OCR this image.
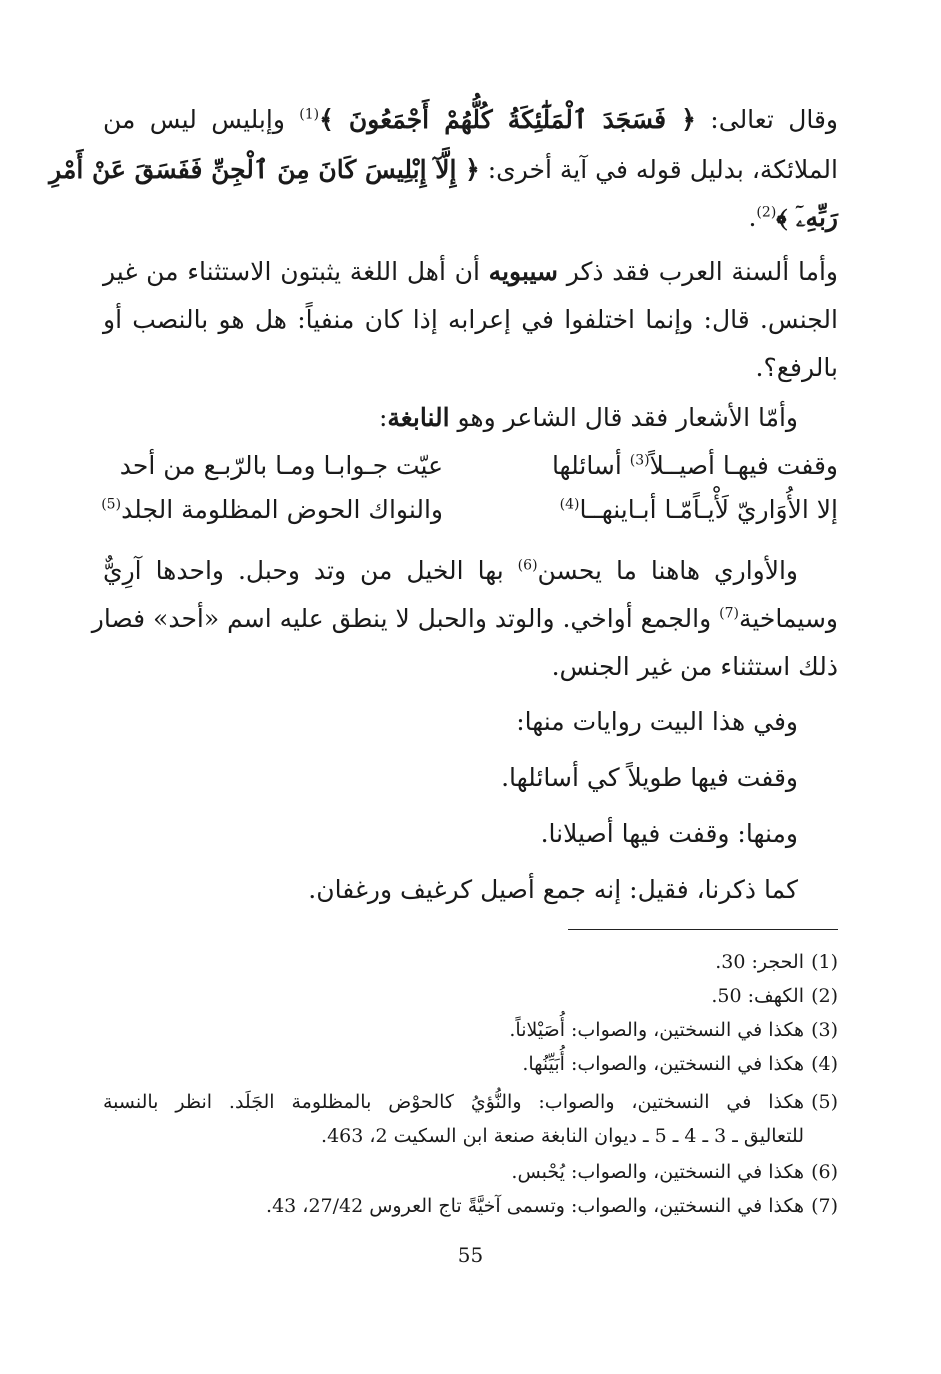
وقال تعالى: ﴿ فَسَجَدَ ٱلْمَلَٰٓئِكَةُ كُلُّهُمْ أَجْمَعُونَ ﴾$^{(1)}$ وإبليس ليس من
الملائكة، بدليل قوله في آية أخرى: ﴿ إِلَّآ إِبْلِيسَ كَانَ مِنَ ٱلْجِنِّ فَفَسَقَ عَنْ أَمْرِ
رَبِّهِۦٓ ﴾$^{(2)}$.
وأما ألسنة العرب فقد ذكر سيبويه أن أهل اللغة يثبتون الاستثناء من غير
الجنس. قال: وإنما اختلفوا في إعرابه إذا كان منفياً: هل هو بالنصب أو
بالرفع؟.
وأمّا الأشعار فقد قال الشاعر وهو النابغة:
وقفت فيهـا أصيــلاً$^{(3)}$ أسائلها
عيّت جـوابـا ومـا بالرّبـع من أحد
إلا الأُوَاريّ لَأْيـاًمّـا أبـاينهــا$^{(4)}$
والنواك الحوض المظلومة الجلد$^{(5)}$
والأواري هاهنا ما يحسن$^{(6)}$ بها الخيل من وتد وحبل. واحدها آرِيٌّ
وسيماخية$^{(7)}$ والجمع أواخي. والوتد والحبل لا ينطق عليه اسم «أحد» فصار
ذلك استثناء من غير الجنس.
وفي هذا البيت روايات منها:
وقفت فيها طويلاً كي أسائلها.
ومنها: وقفت فيها أصيلانا.
كما ذكرنا، فقيل: إنه جمع أصيل كرغيف ورغفان.
(1)الحجر: 30.
(2)الكهف: 50.
(3)هكذا في النسختين، والصواب: أُصَيْلاناً.
(4)هكذا في النسختين، والصواب: أُبَيِّنُها.
(5)هكذا في النسختين، والصواب: والنُّؤيُ كالحوْض بالمظلومة الجَلَد. انظر بالنسبة
للتعاليق ـ 3 ـ 4 ـ 5 ـ ديوان النابغة صنعة ابن السكيت 2، 463.
(6)هكذا في النسختين، والصواب: يُحْبس.
(7)هكذا في النسختين، والصواب: وتسمى آخيَّةً تاج العروس 27/42، 43.
55
